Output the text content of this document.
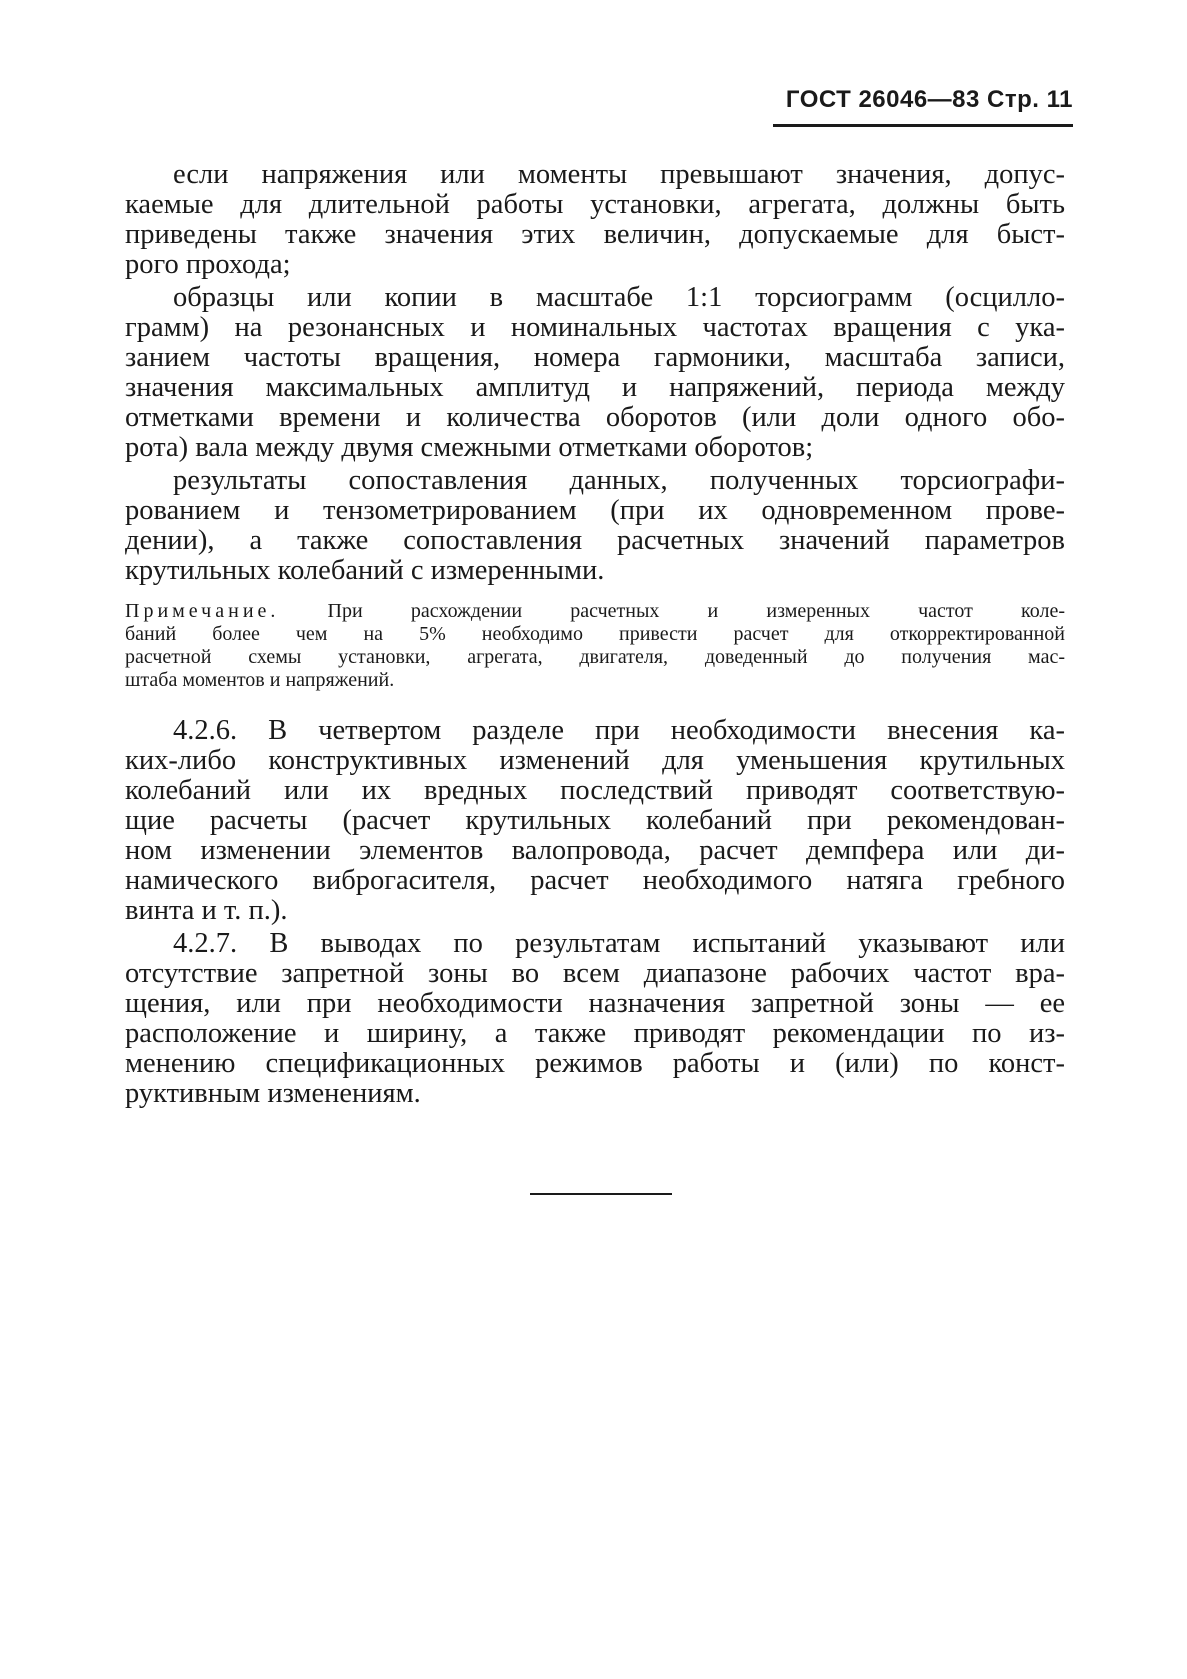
ГОСТ 26046—83 Стр. 11
если напряжения или моменты превышают значения, допус-
каемые для длительной работы установки, агрегата, должны быть
приведены также значения этих величин, допускаемые для быст-
рого прохода;
образцы или копии в масштабе 1:1 торсиограмм (осцилло-
грамм) на резонансных и номинальных частотах вращения с ука-
занием частоты вращения, номера гармоники, масштаба записи,
значения максимальных амплитуд и напряжений, периода между
отметками времени и количества оборотов (или доли одного обо-
рота) вала между двумя смежными отметками оборотов;
результаты сопоставления данных, полученных торсиографи-
рованием и тензометрированием (при их одновременном прове-
дении), а также сопоставления расчетных значений параметров
крутильных колебаний с измеренными.
Примечание. При расхождении расчетных и измеренных частот коле-
баний более чем на 5% необходимо привести расчет для откорректированной
расчетной схемы установки, агрегата, двигателя, доведенный до получения мас-
штаба моментов и напряжений.
4.2.6. В четвертом разделе при необходимости внесения ка-
ких-либо конструктивных изменений для уменьшения крутильных
колебаний или их вредных последствий приводят соответствую-
щие расчеты (расчет крутильных колебаний при рекомендован-
ном изменении элементов валопровода, расчет демпфера или ди-
намического виброгасителя, расчет необходимого натяга гребного
винта и т. п.).
4.2.7. В выводах по результатам испытаний указывают или
отсутствие запретной зоны во всем диапазоне рабочих частот вра-
щения, или при необходимости назначения запретной зоны — ее
расположение и ширину, а также приводят рекомендации по из-
менению спецификационных режимов работы и (или) по конст-
руктивным изменениям.
